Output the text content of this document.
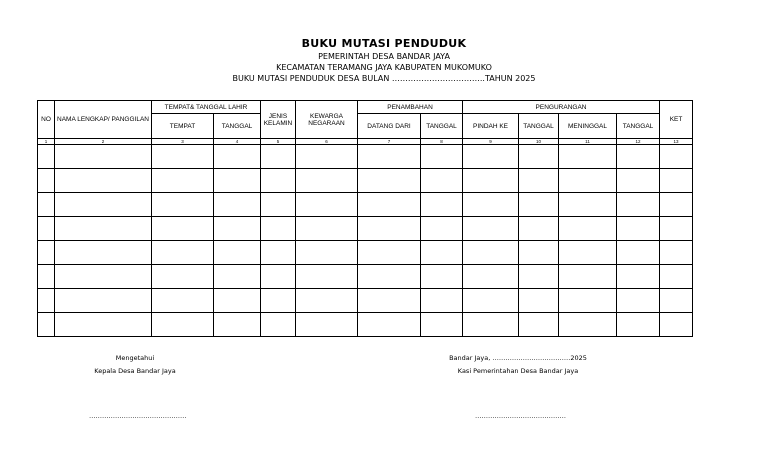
BUKU MUTASI PENDUDUK
PEMERINTAH DESA BANDAR JAYA
KECAMATAN TERAMANG JAYA KABUPATEN MUKOMUKO
BUKU MUTASI PENDUDUK DESA BULAN ……………………………..TAHUN 2025
NO	NAMA LENGKAP/ PANGGILAN	TEMPAT& TANGGAL LAHIR		JENIS KELAMIN	KEWARGA NEGARAAN	PENAMBAHAN		PENGURANGAN				KET
		TEMPAT	TANGGAL			DATANG DARI	TANGGAL	PINDAH KE	TANGGAL	MENINGGAL	TANGGAL	
1	2	3	4	5	6	7	8	9	10	11	12	13

Mengetahui
Kepala Desa Bandar Jaya
Bandar Jaya, ………………………………2025
Kasi Pemerintahan Desa Bandar Jaya
………………………………………	……………………………………
